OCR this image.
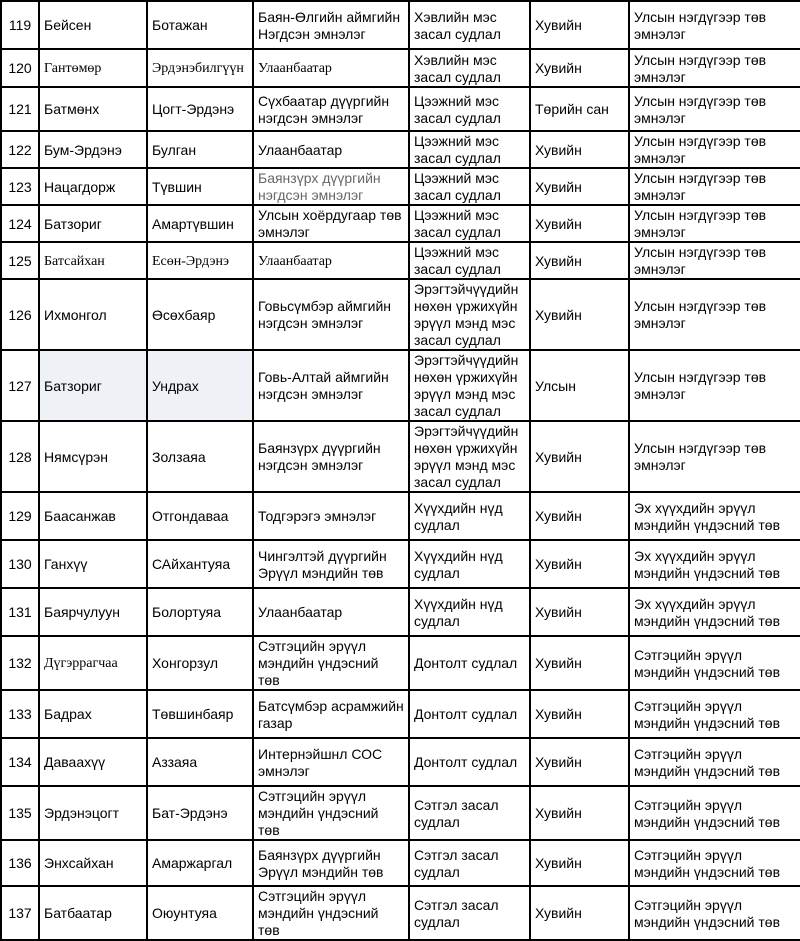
119	Бейсен	Ботажан	Баян-Өлгийн аймгийн Нэгдсэн эмнэлэг	Хэвлийн мэс засал судлал	Хувийн	Улсын нэгдүгээр төв эмнэлэг
120	Гантөмөр	Эрдэнэбилгүүн	Улаанбаатар	Хэвлийн мэс засал судлал	Хувийн	Улсын нэгдүгээр төв эмнэлэг
121	Батмөнх	Цогт-Эрдэнэ	Сүхбаатар дүүргийн нэгдсэн эмнэлэг	Цээжний мэс засал судлал	Төрийн сан	Улсын нэгдүгээр төв эмнэлэг
122	Бум-Эрдэнэ	Булган	Улаанбаатар	Цээжний мэс засал судлал	Хувийн	Улсын нэгдүгээр төв эмнэлэг
123	Нацагдорж	Түвшин	Баянзүрх дүүргийн нэгдсэн эмнэлэг	Цээжний мэс засал судлал	Хувийн	Улсын нэгдүгээр төв эмнэлэг
124	Батзориг	Амартүвшин	Улсын хоёрдугаар төв эмнэлэг	Цээжний мэс засал судлал	Хувийн	Улсын нэгдүгээр төв эмнэлэг
125	Батсайхан	Есөн-Эрдэнэ	Улаанбаатар	Цээжний мэс засал судлал	Хувийн	Улсын нэгдүгээр төв эмнэлэг
126	Ихмонгол	Өсөхбаяр	Говьсүмбэр аймгийн нэгдсэн эмнэлэг	Эрэгтэйчүүдийн нөхөн үржихүйн эрүүл мэнд мэс засал судлал	Хувийн	Улсын нэгдүгээр төв эмнэлэг
127	Батзориг	Ундрах	Говь-Алтай аймгийн нэгдсэн эмнэлэг	Эрэгтэйчүүдийн нөхөн үржихүйн эрүүл мэнд мэс засал судлал	Улсын	Улсын нэгдүгээр төв эмнэлэг
128	Нямсүрэн	Золзаяа	Баянзүрх дүүргийн нэгдсэн эмнэлэг	Эрэгтэйчүүдийн нөхөн үржихүйн эрүүл мэнд мэс засал судлал	Хувийн	Улсын нэгдүгээр төв эмнэлэг
129	Баасанжав	Отгондаваа	Тодгэрэгэ эмнэлэг	Хүүхдийн нүд судлал	Хувийн	Эх хүүхдийн эрүүл мэндийн үндэсний төв
130	Ганхүү	САйхантуяа	Чингэлтэй дүүргийн Эрүүл мэндийн төв	Хүүхдийн нүд судлал	Хувийн	Эх хүүхдийн эрүүл мэндийн үндэсний төв
131	Баярчулуун	Болортуяа	Улаанбаатар	Хүүхдийн нүд судлал	Хувийн	Эх хүүхдийн эрүүл мэндийн үндэсний төв
132	Дүгэррагчаа	Хонгорзул	Сэтгэцийн эрүүл мэндийн үндэсний төв	Донтолт судлал	Хувийн	Сэтгэцийн эрүүл мэндийн үндэсний төв
133	Бадрах	Төвшинбаяр	Батсүмбэр асрамжийн газар	Донтолт судлал	Хувийн	Сэтгэцийн эрүүл мэндийн үндэсний төв
134	Даваахүү	Аззаяа	Интернэйшнл СОС эмнэлэг	Донтолт судлал	Хувийн	Сэтгэцийн эрүүл мэндийн үндэсний төв
135	Эрдэнэцогт	Бат-Эрдэнэ	Сэтгэцийн эрүүл мэндийн үндэсний төв	Сэтгэл засал судлал	Хувийн	Сэтгэцийн эрүүл мэндийн үндэсний төв
136	Энхсайхан	Амаржаргал	Баянзүрх дүүргийн Эрүүл мэндийн төв	Сэтгэл засал судлал	Хувийн	Сэтгэцийн эрүүл мэндийн үндэсний төв
137	Батбаатар	Оюунтуяа	Сэтгэцийн эрүүл мэндийн үндэсний төв	Сэтгэл засал судлал	Хувийн	Сэтгэцийн эрүүл мэндийн үндэсний төв
